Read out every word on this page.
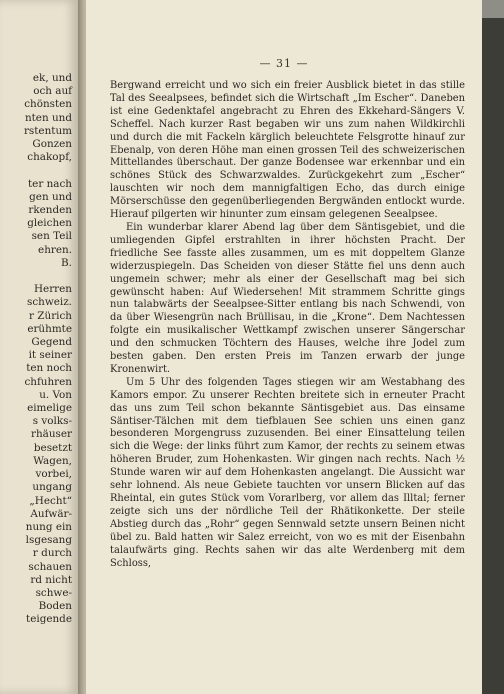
ek, und
och auf
chönsten
nten und
rstentum
Gonzen
chakopf,

ter nach
gen und
rkenden
gleichen
sen Teil
ehren.
B.

Herren
schweiz.
r Zürich
erühmte
Gegend
it seiner
ten noch
chfuhren
u. Von
eimelige
s volks-
rhäuser
besetzt
Wagen,
vorbei,
ungang
„Hecht“
Aufwär-
nung ein
lsgesang
r durch
schauen
rd nicht
schwe-
Boden
teigende
— 31 —

Bergwand erreicht und wo sich ein freier Ausblick bietet in das stille Tal des Seealpsees, befindet sich die Wirtschaft „Im Escher“. Daneben ist eine Gedenktafel angebracht zu Ehren des Ekkehard-Sängers V. Scheffel. Nach kurzer Rast begaben wir uns zum nahen Wildkirchli und durch die mit Fackeln kärglich beleuchtete Felsgrotte hinauf zur Ebenalp, von deren Höhe man einen grossen Teil des schweizerischen Mittellandes überschaut. Der ganze Bodensee war erkennbar und ein schönes Stück des Schwarzwaldes. Zurückgekehrt zum „Escher“ lauschten wir noch dem mannigfaltigen Echo, das durch einige Mörserschüsse den gegenüberliegenden Bergwänden entlockt wurde. Hierauf pilgerten wir hinunter zum einsam gelegenen Seealpsee.

Ein wunderbar klarer Abend lag über dem Säntisgebiet, und die umliegenden Gipfel erstrahlten in ihrer höchsten Pracht. Der friedliche See fasste alles zusammen, um es mit doppeltem Glanze widerzuspiegeln. Das Scheiden von dieser Stätte fiel uns denn auch ungemein schwer; mehr als einer der Gesellschaft mag bei sich gewünscht haben: Auf Wiedersehen! Mit strammem Schritte gings nun talabwärts der Seealpsee-Sitter entlang bis nach Schwendi, von da über Wiesengrün nach Brüllisau, in die „Krone“. Dem Nachtessen folgte ein musikalischer Wettkampf zwischen unserer Sängerschar und den schmucken Töchtern des Hauses, welche ihre Jodel zum besten gaben. Den ersten Preis im Tanzen erwarb der junge Kronenwirt.

Um 5 Uhr des folgenden Tages stiegen wir am Westabhang des Kamors empor. Zu unserer Rechten breitete sich in erneuter Pracht das uns zum Teil schon bekannte Säntisgebiet aus. Das einsame Säntiser-Tälchen mit dem tiefblauen See schien uns einen ganz besonderen Morgengruss zuzusenden. Bei einer Einsattelung teilen sich die Wege: der links führt zum Kamor, der rechts zu seinem etwas höheren Bruder, zum Hohenkasten. Wir gingen nach rechts. Nach ½ Stunde waren wir auf dem Hohenkasten angelangt. Die Aussicht war sehr lohnend. Als neue Gebiete tauchten vor unsern Blicken auf das Rheintal, ein gutes Stück vom Vorarlberg, vor allem das Illtal; ferner zeigte sich uns der nördliche Teil der Rhätikonkette. Der steile Abstieg durch das „Rohr“ gegen Sennwald setzte unsern Beinen nicht übel zu. Bald hatten wir Salez erreicht, von wo es mit der Eisenbahn talaufwärts ging. Rechts sahen wir das alte Werdenberg mit dem Schloss,
